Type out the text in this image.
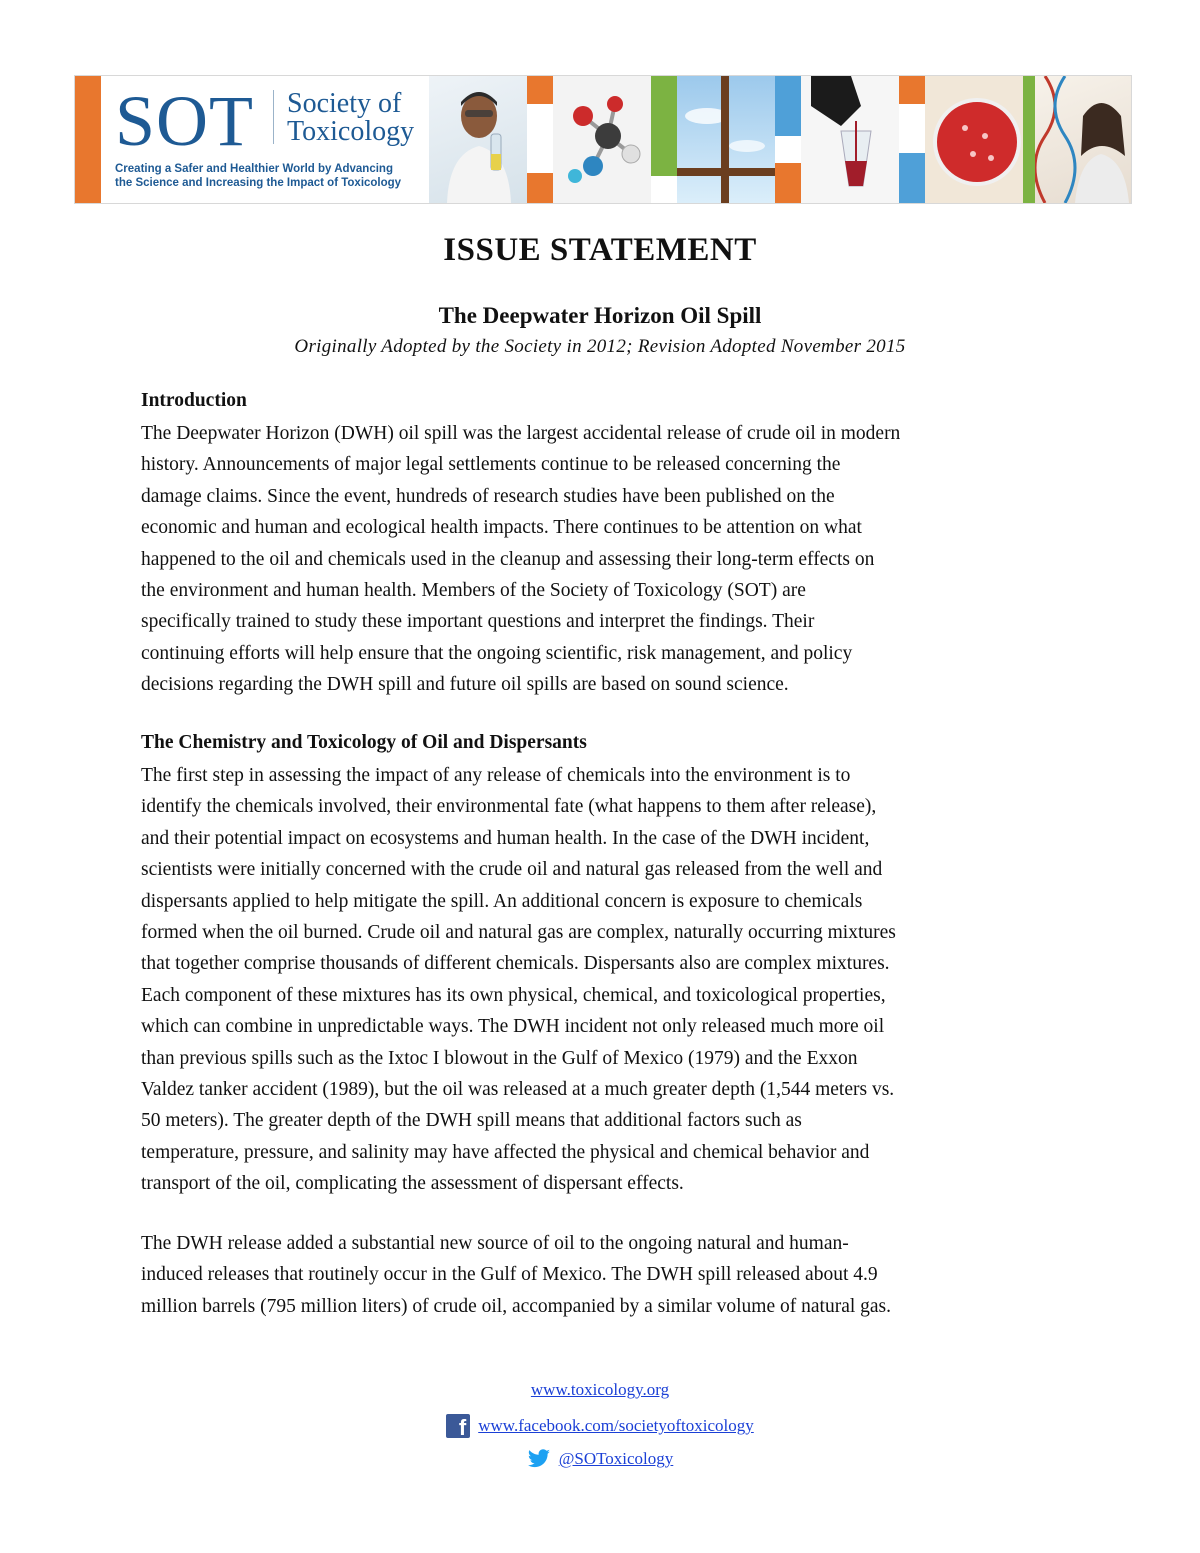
SOT Society of
Toxicology
Creating a Safer and Healthier World by Advancing
the Science and Increasing the Impact of Toxicology
ISSUE STATEMENT
The Deepwater Horizon Oil Spill
Originally Adopted by the Society in 2012; Revision Adopted November 2015
Introduction
The Deepwater Horizon (DWH) oil spill was the largest accidental release of crude oil in modern
history. Announcements of major legal settlements continue to be released concerning the
damage claims. Since the event, hundreds of research studies have been published on the
economic and human and ecological health impacts. There continues to be attention on what
happened to the oil and chemicals used in the cleanup and assessing their long-term effects on
the environment and human health. Members of the Society of Toxicology (SOT) are
specifically trained to study these important questions and interpret the findings. Their
continuing efforts will help ensure that the ongoing scientific, risk management, and policy
decisions regarding the DWH spill and future oil spills are based on sound science.
The Chemistry and Toxicology of Oil and Dispersants
The first step in assessing the impact of any release of chemicals into the environment is to
identify the chemicals involved, their environmental fate (what happens to them after release),
and their potential impact on ecosystems and human health. In the case of the DWH incident,
scientists were initially concerned with the crude oil and natural gas released from the well and
dispersants applied to help mitigate the spill. An additional concern is exposure to chemicals
formed when the oil burned. Crude oil and natural gas are complex, naturally occurring mixtures
that together comprise thousands of different chemicals. Dispersants also are complex mixtures.
Each component of these mixtures has its own physical, chemical, and toxicological properties,
which can combine in unpredictable ways. The DWH incident not only released much more oil
than previous spills such as the Ixtoc I blowout in the Gulf of Mexico (1979) and the Exxon
Valdez tanker accident (1989), but the oil was released at a much greater depth (1,544 meters vs.
50 meters). The greater depth of the DWH spill means that additional factors such as
temperature, pressure, and salinity may have affected the physical and chemical behavior and
transport of the oil, complicating the assessment of dispersant effects.
The DWH release added a substantial new source of oil to the ongoing natural and human-
induced releases that routinely occur in the Gulf of Mexico. The DWH spill released about 4.9
million barrels (795 million liters) of crude oil, accompanied by a similar volume of natural gas.
www.toxicology.org
f www.facebook.com/societyoftoxicology
@SOToxicology
